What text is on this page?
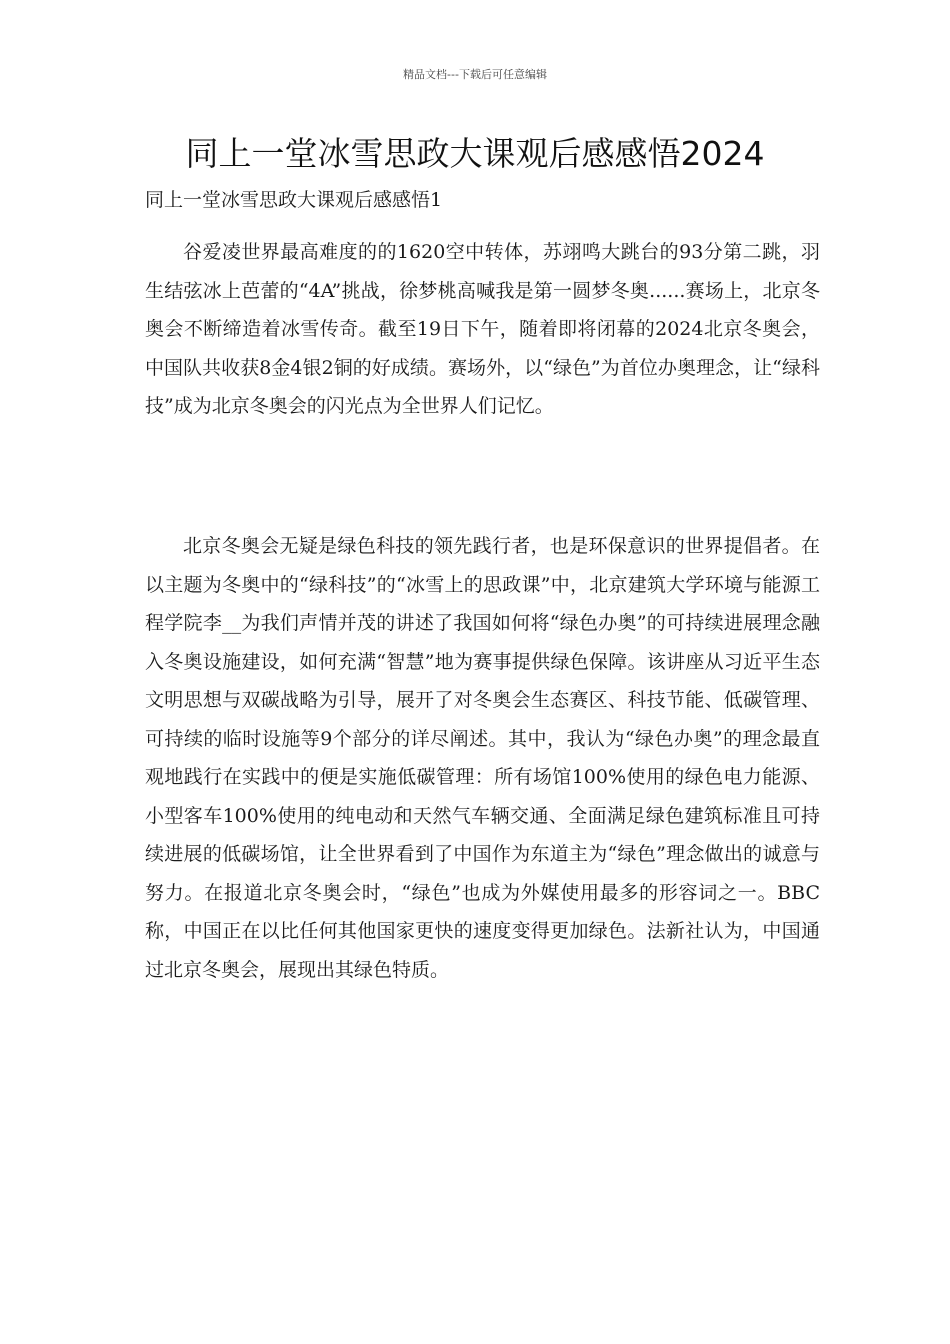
精品文档---下载后可任意编辑
同上一堂冰雪思政大课观后感感悟2024
同上一堂冰雪思政大课观后感感悟1

谷爱凌世界最高难度的的1620空中转体，苏翊鸣大跳台的93分第二跳，羽生结弦冰上芭蕾的“4A”挑战，徐梦桃高喊我是第一圆梦冬奥......赛场上，北京冬奥会不断缔造着冰雪传奇。截至19日下午，随着即将闭幕的2024北京冬奥会，中国队共收获8金4银2铜的好成绩。赛场外，以“绿色”为首位办奥理念，让“绿科技”成为北京冬奥会的闪光点为全世界人们记忆。

北京冬奥会无疑是绿色科技的领先践行者，也是环保意识的世界提倡者。在以主题为冬奥中的“绿科技”的“冰雪上的思政课”中，北京建筑大学环境与能源工程学院李__为我们声情并茂的讲述了我国如何将“绿色办奥”的可持续进展理念融入冬奥设施建设，如何充满“智慧”地为赛事提供绿色保障。该讲座从习近平生态文明思想与双碳战略为引导，展开了对冬奥会生态赛区、科技节能、低碳管理、可持续的临时设施等9个部分的详尽阐述。其中，我认为“绿色办奥”的理念最直观地践行在实践中的便是实施低碳管理：所有场馆100%使用的绿色电力能源、小型客车100%使用的纯电动和天然气车辆交通、全面满足绿色建筑标准且可持续进展的低碳场馆，让全世界看到了中国作为东道主为“绿色”理念做出的诚意与努力。在报道北京冬奥会时，“绿色”也成为外媒使用最多的形容词之一。BBC称，中国正在以比任何其他国家更快的速度变得更加绿色。法新社认为，中国通过北京冬奥会，展现出其绿色特质。
